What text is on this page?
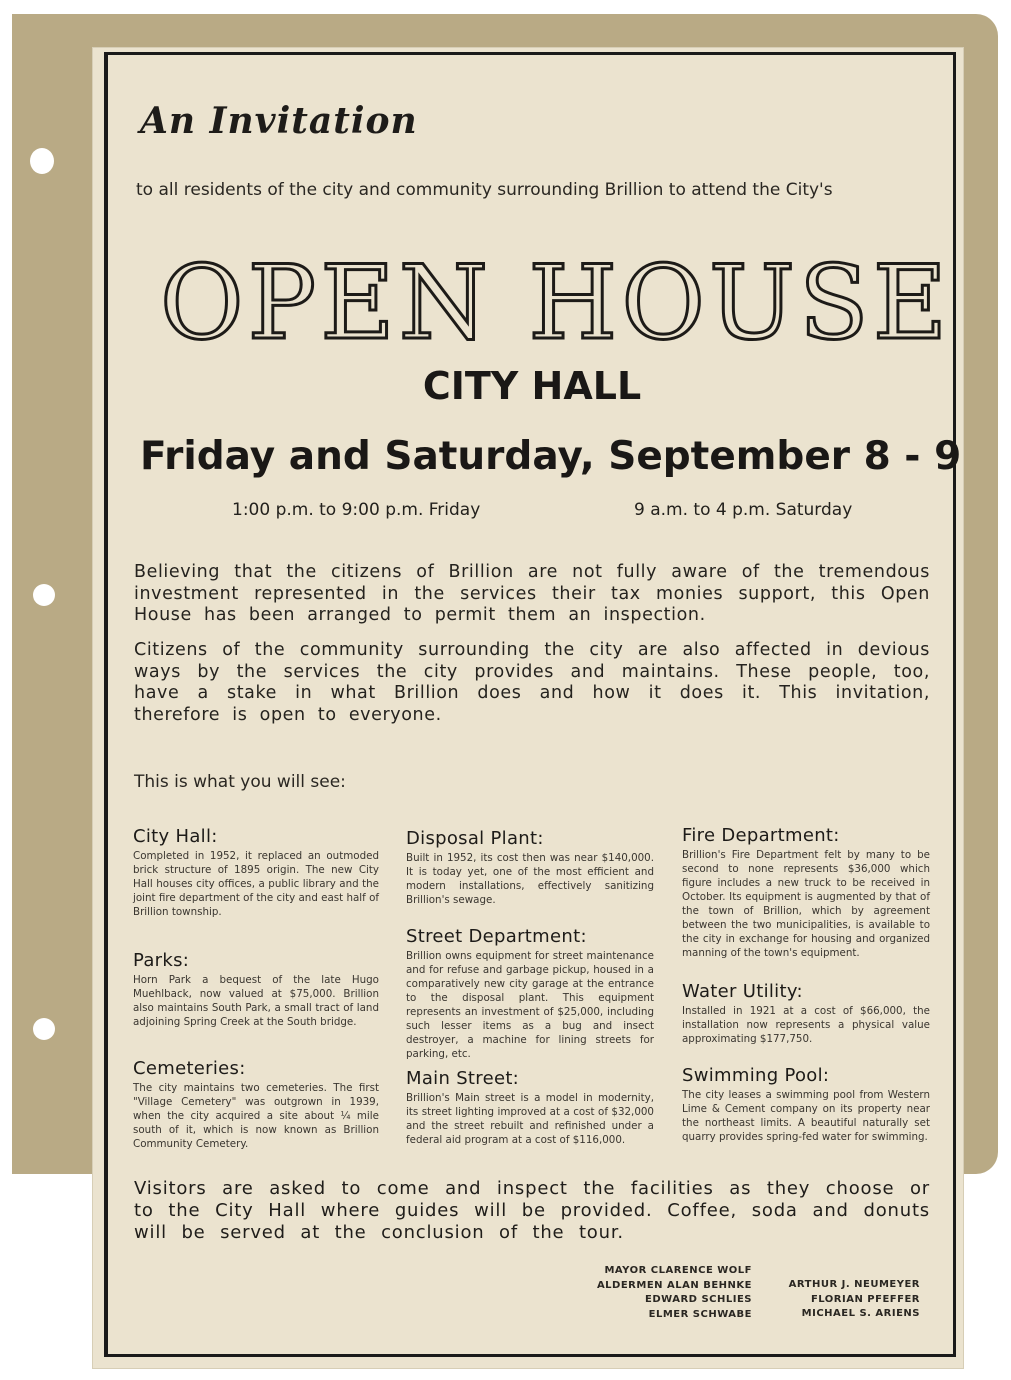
An Invitation

to all residents of the city and community surrounding Brillion to attend the City's

OPEN HOUSE
CITY HALL
Friday and Saturday, September 8 - 9
1:00 p.m. to 9:00 p.m. Friday	9 a.m. to 4 p.m. Saturday

Believing that the citizens of Brillion are not fully aware of the tremendous investment represented in the services their tax monies support, this Open House has been arranged to permit them an inspection.

Citizens of the community surrounding the city are also affected in devious ways by the services the city provides and maintains. These people, too, have a stake in what Brillion does and how it does it. This invitation, therefore is open to everyone.

This is what you will see:
City Hall:

Completed in 1952, it replaced an outmoded brick structure of 1895 origin. The new City Hall houses city offices, a public library and the joint fire department of the city and east half of Brillion township.

Parks:

Horn Park a bequest of the late Hugo Muehlback, now valued at $75,000. Brillion also maintains South Park, a small tract of land adjoining Spring Creek at the South bridge.

Cemeteries:

The city maintains two cemeteries. The first "Village Cemetery" was outgrown in 1939, when the city acquired a site about ¼ mile south of it, which is now known as Brillion Community Cemetery.

Disposal Plant:

Built in 1952, its cost then was near $140,000. It is today yet, one of the most efficient and modern installations, effectively sanitizing Brillion's sewage.

Street Department:

Brillion owns equipment for street maintenance and for refuse and garbage pickup, housed in a comparatively new city garage at the entrance to the disposal plant. This equipment represents an investment of $25,000, including such lesser items as a bug and insect destroyer, a machine for lining streets for parking, etc.

Main Street:

Brillion's Main street is a model in modernity, its street lighting improved at a cost of $32,000 and the street rebuilt and refinished under a federal aid program at a cost of $116,000.

Fire Department:

Brillion's Fire Department felt by many to be second to none represents $36,000 which figure includes a new truck to be received in October. Its equipment is augmented by that of the town of Brillion, which by agreement between the two municipalities, is available to the city in exchange for housing and organized manning of the town's equipment.

Water Utility:

Installed in 1921 at a cost of $66,000, the installation now represents a physical value approximating $177,750.

Swimming Pool:

The city leases a swimming pool from Western Lime & Cement company on its property near the northeast limits. A beautiful naturally set quarry provides spring-fed water for swimming.

Visitors are asked to come and inspect the facilities as they choose or to the City Hall where guides will be provided. Coffee, soda and donuts will be served at the conclusion of the tour.

MAYOR CLARENCE WOLF
ALDERMEN ALAN BEHNKE
EDWARD SCHLIES
ELMER SCHWABE
ARTHUR J. NEUMEYER
FLORIAN PFEFFER
MICHAEL S. ARIENS
